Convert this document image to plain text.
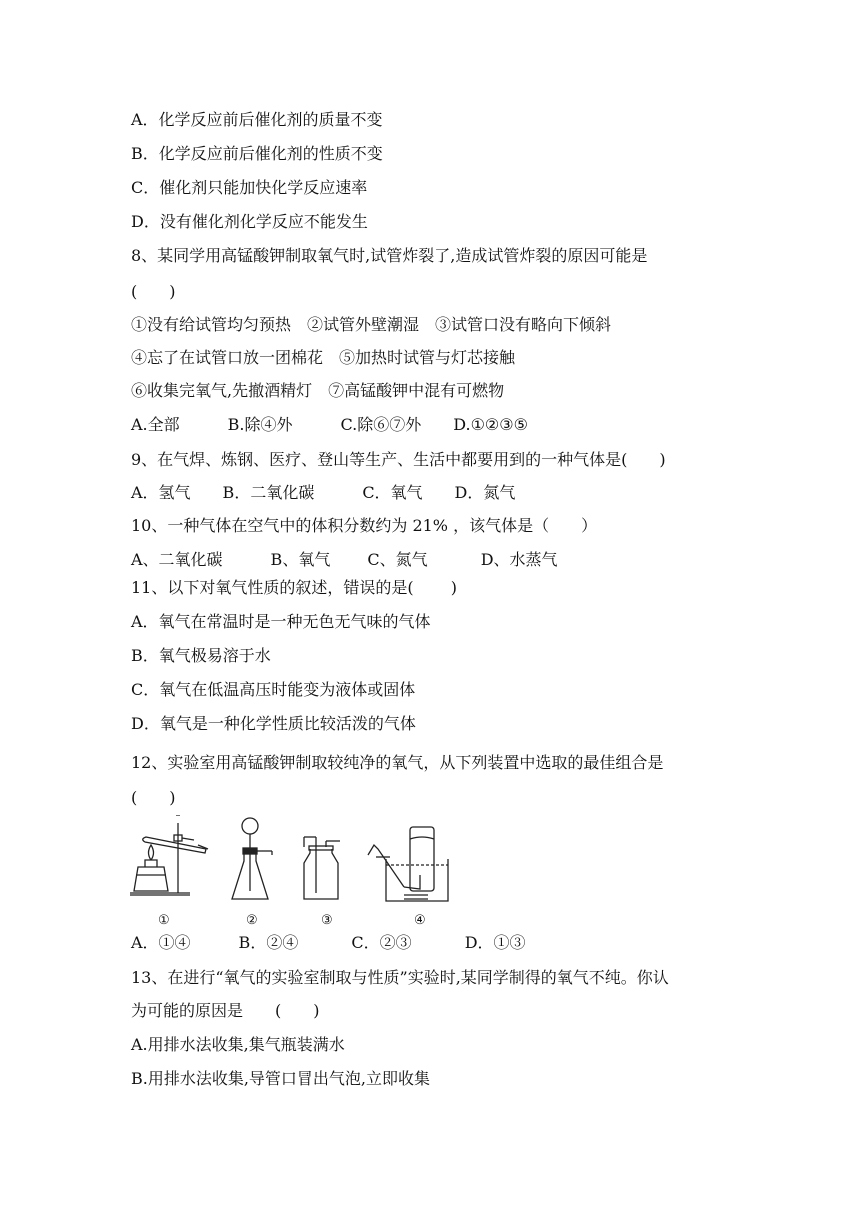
A．化学反应前后催化剂的质量不变
B．化学反应前后催化剂的性质不变
C．催化剂只能加快化学反应速率
D．没有催化剂化学反应不能发生
8、某同学用高锰酸钾制取氧气时,试管炸裂了,造成试管炸裂的原因可能是
(　　)
①没有给试管均匀预热　②试管外壁潮湿　③试管口没有略向下倾斜
④忘了在试管口放一团棉花　⑤加热时试管与灯芯接触
⑥收集完氧气,先撤酒精灯　⑦高锰酸钾中混有可燃物
A.全部　　　B.除④外　　　C.除⑥⑦外　　D.①②③⑤
9、在气焊、炼钢、医疗、登山等生产、生活中都要用到的一种气体是(　　)
A．氢气　　B．二氧化碳　　　C．氧气　　D．氮气
10、一种气体在空气中的体积分数约为 21% ，该气体是（　　）
A、二氧化碳　　　B、氧气　　 C、氮气　　　 D、水蒸气
11、以下对氧气性质的叙述，错误的是(　　 )
A．氧气在常温时是一种无色无气味的气体
B．氧气极易溶于水
C．氧气在低温高压时能变为液体或固体
D．氧气是一种化学性质比较活泼的气体
12、实验室用高锰酸钾制取较纯净的氧气，从下列装置中选取的最佳组合是
(　　)
①	②	③	④
A．①④　　　B．②④　　　 C．②③　　　 D．①③
13、在进行“氧气的实验室制取与性质”实验时,某同学制得的氧气不纯。你认
为可能的原因是　　(　　)
A.用排水法收集,集气瓶装满水
B.用排水法收集,导管口冒出气泡,立即收集
